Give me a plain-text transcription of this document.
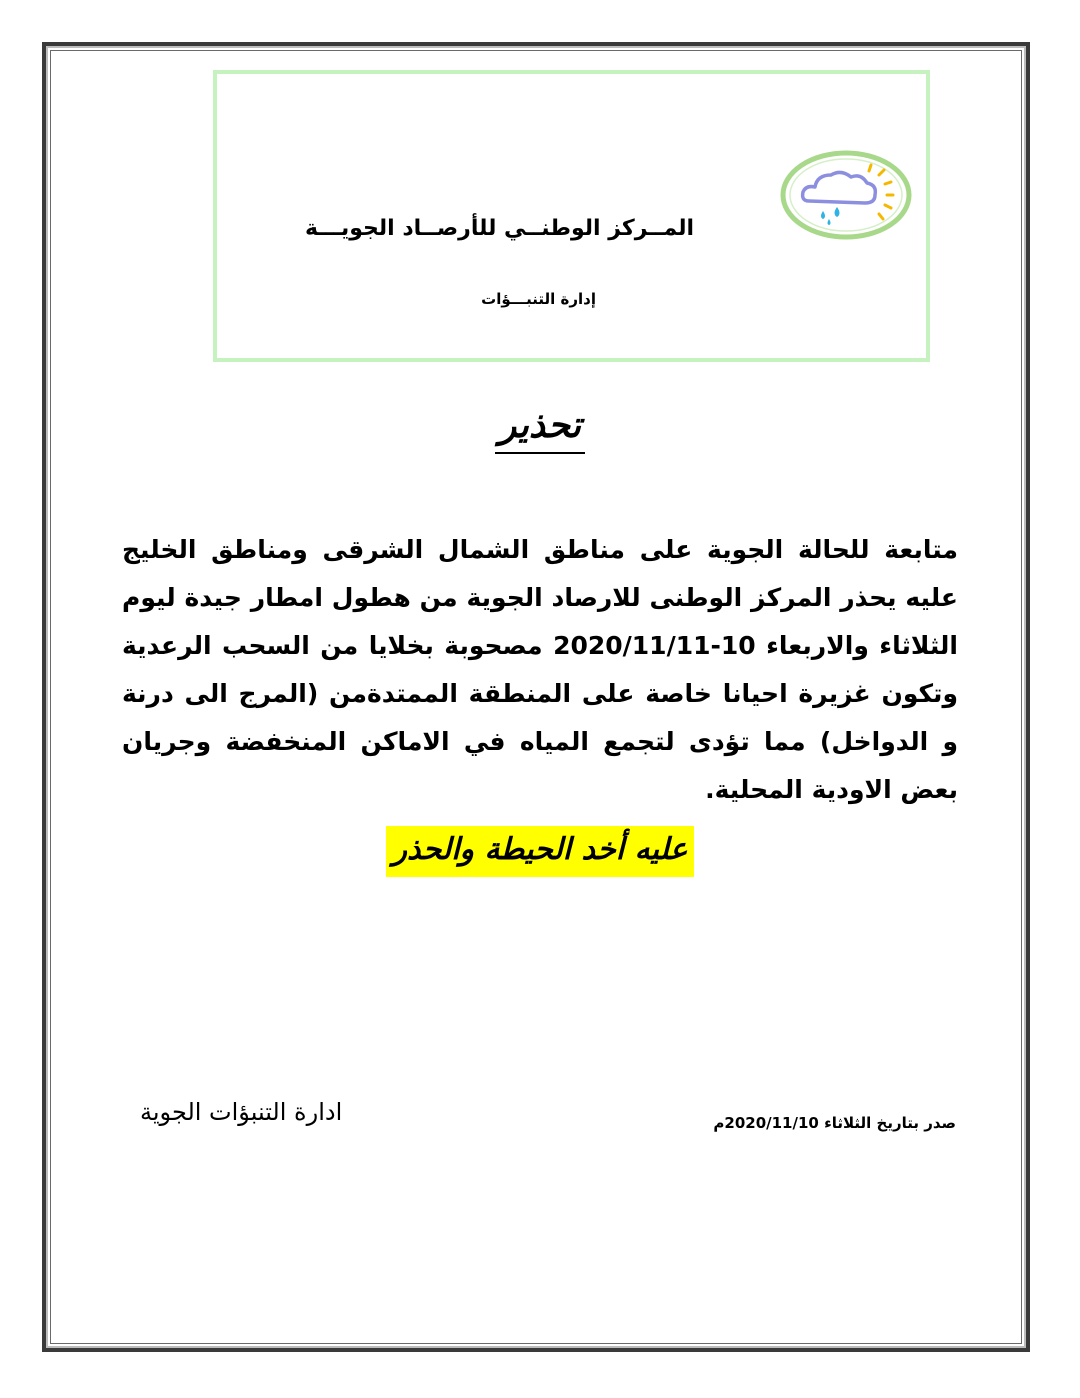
المــركز الوطنــي للأرصــاد الجويـــة
إدارة التنبـــؤات
تحذير
متابعة للحالة الجوية على مناطق الشمال الشرقى ومناطق الخليج عليه يحذر المركز الوطنى للارصاد الجوية من هطول امطار جيدة ليوم الثلاثاء والاربعاء 10-2020/11/11 مصحوبة بخلايا من السحب الرعدية وتكون غزيرة احيانا خاصة على المنطقة الممتدةمن (المرج الى درنة و الدواخل) مما تؤدى لتجمع المياه في الاماكن المنخفضة وجريان بعض الاودية المحلية.
عليه أخد الحيطة والحذر
ادارة التنبؤات الجوية	صدر بتاريخ الثلاثاء 2020/11/10م
